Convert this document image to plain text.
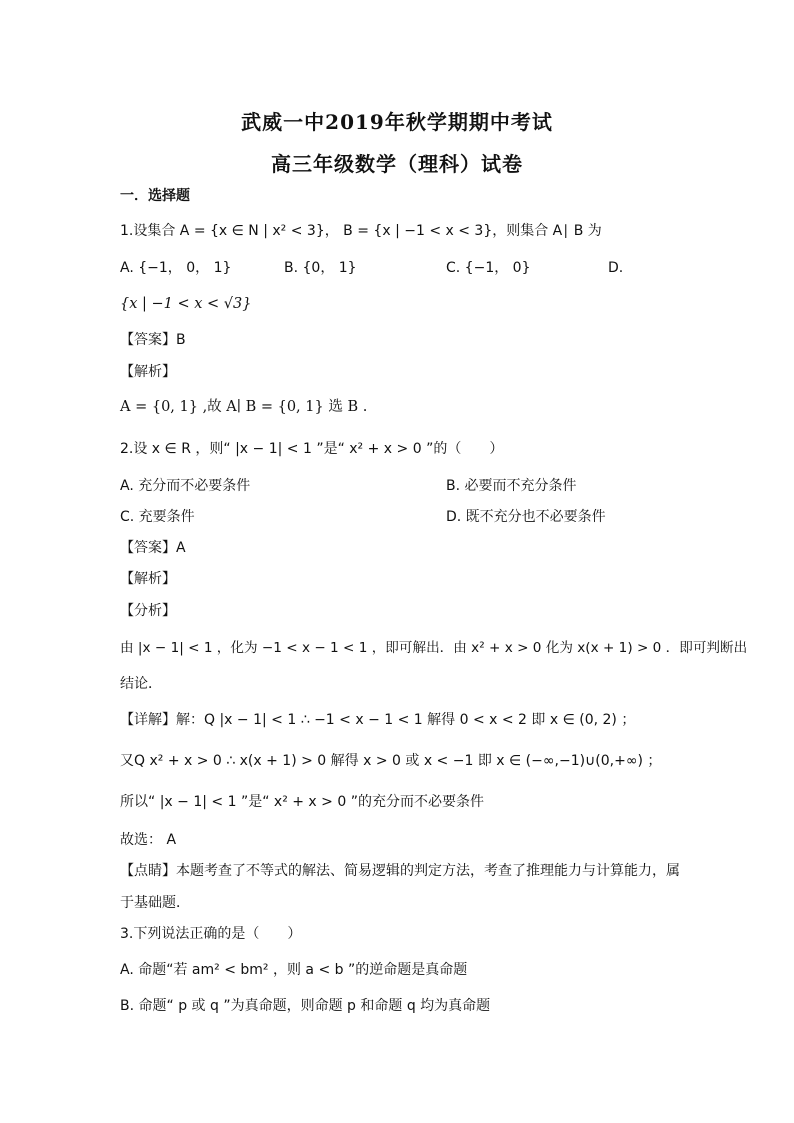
武威一中2019年秋学期期中考试
高三年级数学（理科）试卷
一．选择题
1.设集合 A = {x ∈ N | x² < 3}， B = {x | −1 < x < 3}，则集合 A∣ B 为
A. {−1， 0， 1}	B. {0， 1}	C. {−1， 0}	D.
{x | −1 < x < √3}
【答案】B
【解析】
A = {0, 1} ,故 A∣ B = {0, 1} 选 B .
2.设 x ∈ R ，则“ |x − 1| < 1 ”是“ x² + x > 0 ”的（　　）
A. 充分而不必要条件	B. 必要而不充分条件
C. 充要条件	D. 既不充分也不必要条件
【答案】A
【解析】
【分析】
由 |x − 1| < 1 ，化为 −1 < x − 1 < 1 ，即可解出．由 x² + x > 0 化为 x(x + 1) > 0 ．即可判断出
结论．
【详解】解：Q |x − 1| < 1 ∴ −1 < x − 1 < 1 解得 0 < x < 2 即 x ∈ (0, 2) ；
又Q x² + x > 0 ∴ x(x + 1) > 0 解得 x > 0 或 x < −1 即 x ∈ (−∞,−1)∪(0,+∞) ；
所以“ |x − 1| < 1 ”是“ x² + x > 0 ”的充分而不必要条件
故选： A
【点睛】本题考查了不等式的解法、简易逻辑的判定方法，考查了推理能力与计算能力，属
于基础题．
3.下列说法正确的是（　　）
A. 命题“若 am² < bm² ，则 a < b ”的逆命题是真命题
B. 命题“ p 或 q ”为真命题，则命题 p 和命题 q 均为真命题
